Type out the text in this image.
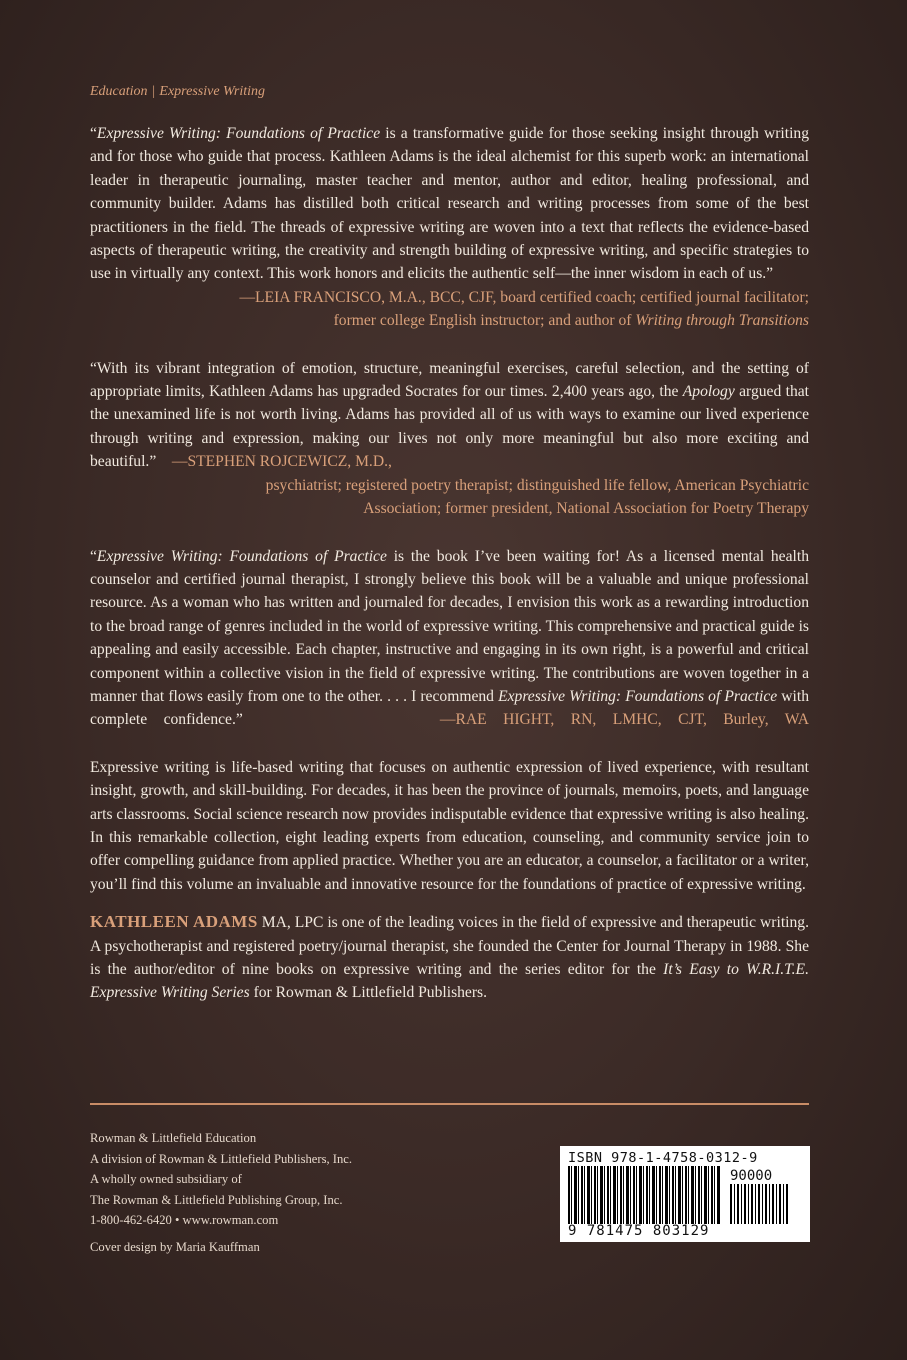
Education | Expressive Writing

“Expressive Writing: Foundations of Practice is a transformative guide for those seeking insight through writing and for those who guide that process. Kathleen Adams is the ideal alchemist for this superb work: an international leader in therapeutic journaling, master teacher and mentor, author and editor, healing professional, and community builder. Adams has distilled both critical research and writing processes from some of the best practitioners in the field. The threads of expressive writing are woven into a text that reflects the evidence-based aspects of therapeutic writing, the creativity and strength building of expressive writing, and specific strategies to use in virtually any context. This work honors and elicits the authentic self—the inner wisdom in each of us.”
—LEIA FRANCISCO, M.A., BCC, CJF, board certified coach; certified journal facilitator;
former college English instructor; and author of Writing through Transitions

“With its vibrant integration of emotion, structure, meaningful exercises, careful selection, and the setting of appropriate limits, Kathleen Adams has upgraded Socrates for our times. 2,400 years ago, the Apology argued that the unexamined life is not worth living. Adams has provided all of us with ways to examine our lived experience through writing and expression, making our lives not only more meaningful but also more exciting and beautiful.” —STEPHEN ROJCEWICZ, M.D.,
psychiatrist; registered poetry therapist; distinguished life fellow, American Psychiatric
Association; former president, National Association for Poetry Therapy

“Expressive Writing: Foundations of Practice is the book I’ve been waiting for! As a licensed mental health counselor and certified journal therapist, I strongly believe this book will be a valuable and unique professional resource. As a woman who has written and journaled for decades, I envision this work as a rewarding introduction to the broad range of genres included in the world of expressive writing. This comprehensive and practical guide is appealing and easily accessible. Each chapter, instructive and engaging in its own right, is a powerful and critical component within a collective vision in the field of expressive writing. The contributions are woven together in a manner that flows easily from one to the other. . . . I recommend Expressive Writing: Foundations of Practice with complete confidence.”	—RAE HIGHT, RN, LMHC, CJT, Burley, WA

Expressive writing is life-based writing that focuses on authentic expression of lived experience, with resultant insight, growth, and skill-building. For decades, it has been the province of journals, memoirs, poets, and language arts classrooms. Social science research now provides indisputable evidence that expressive writing is also healing. In this remarkable collection, eight leading experts from education, counseling, and community service join to offer compelling guidance from applied practice. Whether you are an educator, a counselor, a facilitator or a writer, you’ll find this volume an invaluable and innovative resource for the foundations of practice of expressive writing.

KATHLEEN ADAMS MA, LPC is one of the leading voices in the field of expressive and therapeutic writing. A psychotherapist and registered poetry/journal therapist, she founded the Center for Journal Therapy in 1988. She is the author/editor of nine books on expressive writing and the series editor for the It’s Easy to W.R.I.T.E. Expressive Writing Series for Rowman & Littlefield Publishers.

Rowman & Littlefield Education
A division of Rowman & Littlefield Publishers, Inc.
A wholly owned subsidiary of
The Rowman & Littlefield Publishing Group, Inc.
1-800-462-6420 • www.rowman.com
Cover design by Maria Kauffman
ISBN 978-1-4758-0312-9
90000
9 781475 803129
